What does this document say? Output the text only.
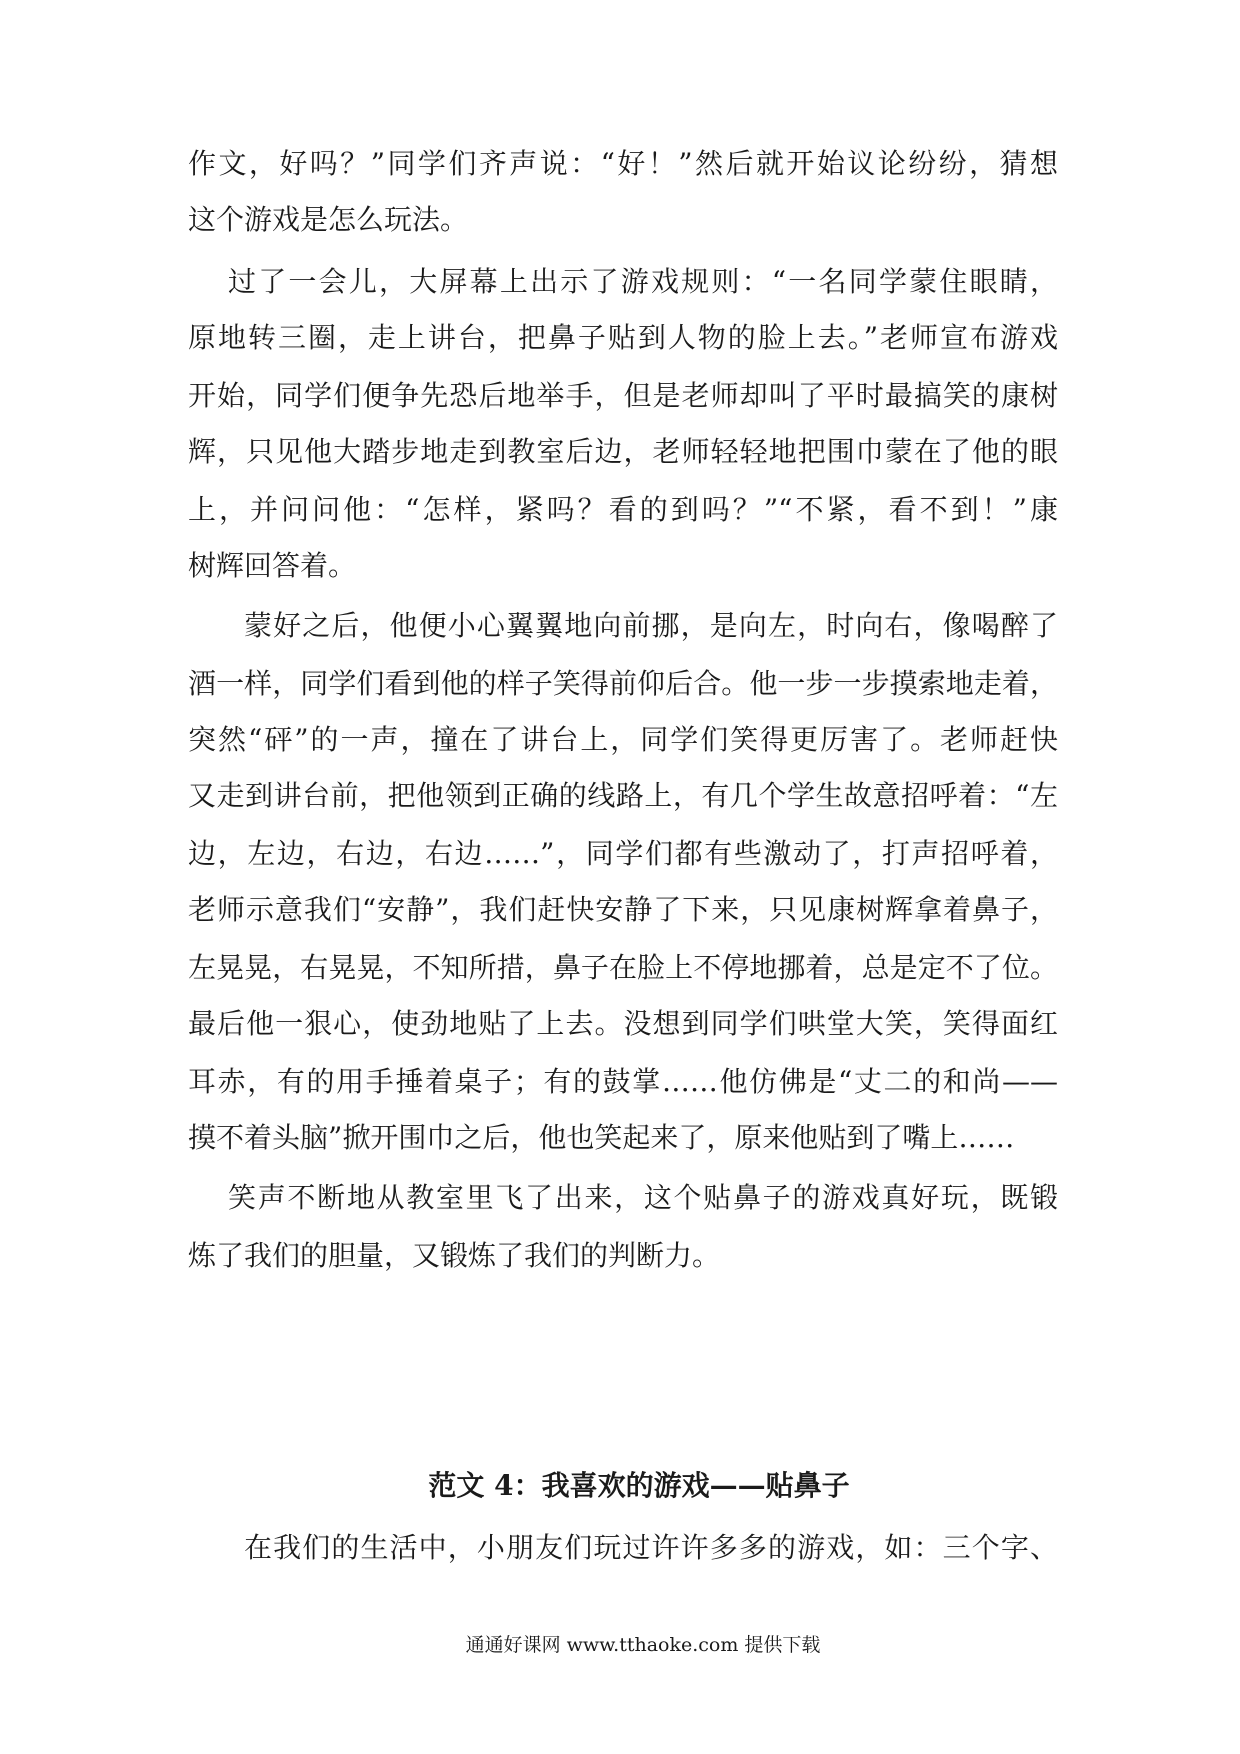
作文，好吗？”同学们齐声说：“好！”然后就开始议论纷纷，猜想
这个游戏是怎么玩法。
过了一会儿，大屏幕上出示了游戏规则：“一名同学蒙住眼睛，
原地转三圈，走上讲台，把鼻子贴到人物的脸上去。”老师宣布游戏
开始，同学们便争先恐后地举手，但是老师却叫了平时最搞笑的康树
辉，只见他大踏步地走到教室后边，老师轻轻地把围巾蒙在了他的眼
上，并问问他：“怎样，紧吗？看的到吗？”“不紧，看不到！”康
树辉回答着。
蒙好之后，他便小心翼翼地向前挪，是向左，时向右，像喝醉了
酒一样，同学们看到他的样子笑得前仰后合。他一步一步摸索地走着，
突然“砰”的一声，撞在了讲台上，同学们笑得更厉害了。老师赶快
又走到讲台前，把他领到正确的线路上，有几个学生故意招呼着：“左
边，左边，右边，右边……”，同学们都有些激动了，打声招呼着，
老师示意我们“安静”，我们赶快安静了下来，只见康树辉拿着鼻子，
左晃晃，右晃晃，不知所措，鼻子在脸上不停地挪着，总是定不了位。
最后他一狠心，使劲地贴了上去。没想到同学们哄堂大笑，笑得面红
耳赤，有的用手捶着桌子；有的鼓掌……他仿佛是“丈二的和尚——
摸不着头脑”掀开围巾之后，他也笑起来了，原来他贴到了嘴上……
笑声不断地从教室里飞了出来，这个贴鼻子的游戏真好玩，既锻
炼了我们的胆量，又锻炼了我们的判断力。
范文 4：我喜欢的游戏——贴鼻子
在我们的生活中，小朋友们玩过许许多多的游戏，如：三个字、
通通好课网 www.tthaoke.com 提供下载
